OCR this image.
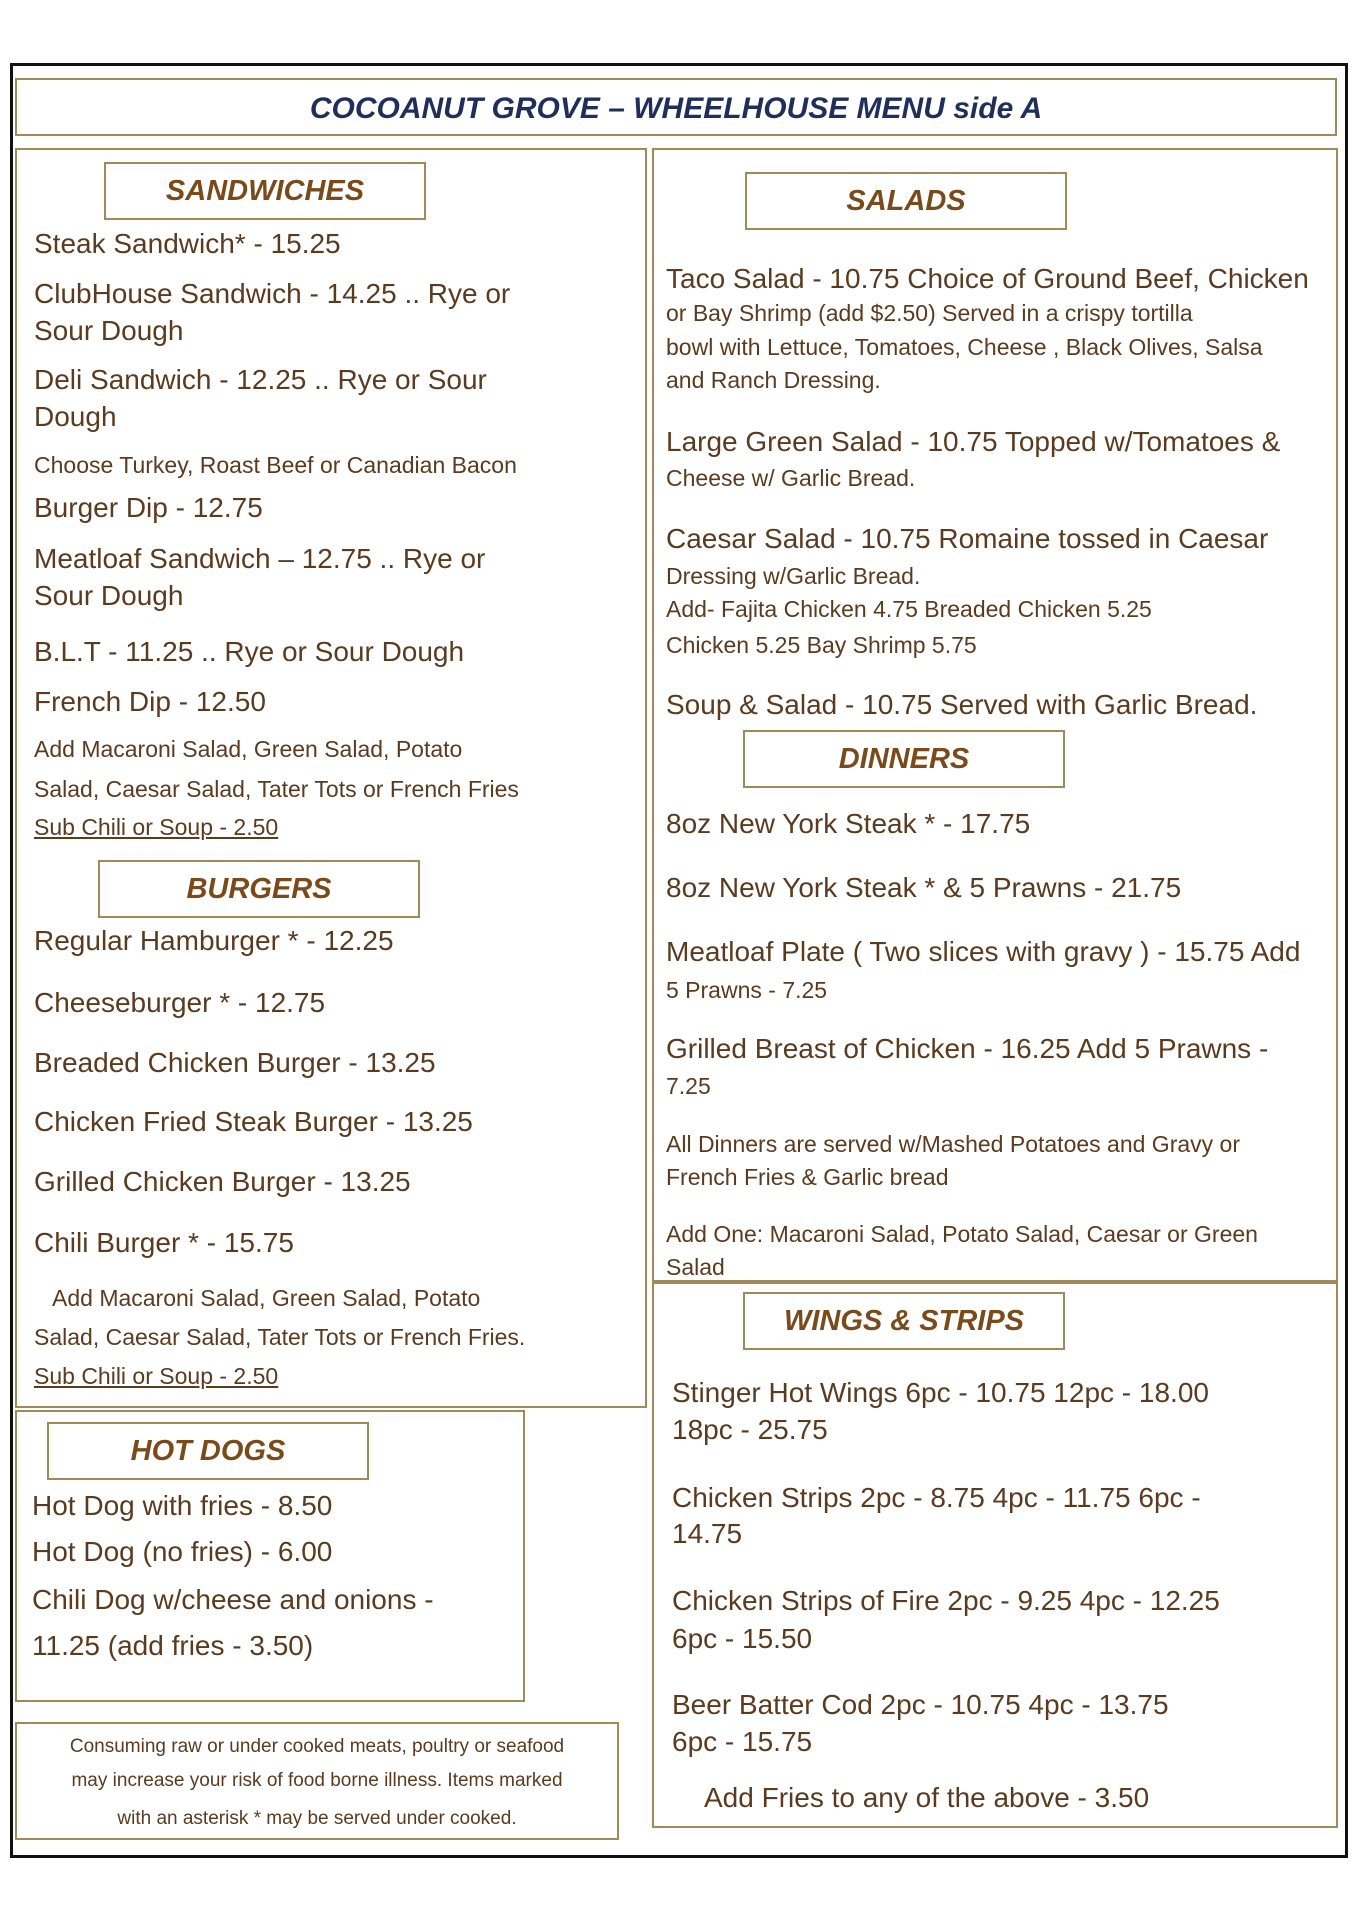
COCOANUT GROVE – WHEELHOUSE MENU side A
SANDWICHES
Steak Sandwich* - 15.25
ClubHouse Sandwich - 14.25 .. Rye or
Sour Dough
Deli Sandwich - 12.25 .. Rye or Sour
Dough
Choose Turkey, Roast Beef or Canadian Bacon
Burger Dip - 12.75
Meatloaf Sandwich – 12.75 .. Rye or
Sour Dough
B.L.T - 11.25 .. Rye or Sour Dough
French Dip - 12.50
Add Macaroni Salad, Green Salad, Potato
Salad, Caesar Salad, Tater Tots or French Fries
Sub Chili or Soup - 2.50
BURGERS
Regular Hamburger * - 12.25
Cheeseburger * - 12.75
Breaded Chicken Burger - 13.25
Chicken Fried Steak Burger - 13.25
Grilled Chicken Burger - 13.25
Chili Burger * - 15.75
Add Macaroni Salad, Green Salad, Potato
Salad, Caesar Salad, Tater Tots or French Fries.
Sub Chili or Soup - 2.50
HOT DOGS
Hot Dog with fries - 8.50
Hot Dog (no fries) - 6.00
Chili Dog w/cheese and onions -
11.25 (add fries - 3.50)
Consuming raw or under cooked meats, poultry or seafood
may increase your risk of food borne illness. Items marked
with an asterisk * may be served under cooked.
SALADS
Taco Salad - 10.75 Choice of Ground Beef, Chicken
or Bay Shrimp (add $2.50) Served in a crispy tortilla
bowl with Lettuce, Tomatoes, Cheese , Black Olives, Salsa
and Ranch Dressing.
Large Green Salad - 10.75 Topped w/Tomatoes &
Cheese w/ Garlic Bread.
Caesar Salad - 10.75 Romaine tossed in Caesar
Dressing w/Garlic Bread.
Add- Fajita Chicken 4.75 Breaded Chicken 5.25
Chicken 5.25 Bay Shrimp 5.75
Soup & Salad - 10.75 Served with Garlic Bread.
DINNERS
8oz New York Steak * - 17.75
8oz New York Steak * & 5 Prawns - 21.75
Meatloaf Plate ( Two slices with gravy ) - 15.75 Add
5 Prawns - 7.25
Grilled Breast of Chicken - 16.25 Add 5 Prawns -
7.25
All Dinners are served w/Mashed Potatoes and Gravy or
French Fries & Garlic bread
Add One: Macaroni Salad, Potato Salad, Caesar or Green
Salad
WINGS & STRIPS
Stinger Hot Wings 6pc - 10.75 12pc - 18.00
18pc - 25.75
Chicken Strips 2pc - 8.75 4pc - 11.75 6pc -
14.75
Chicken Strips of Fire 2pc - 9.25 4pc - 12.25
6pc - 15.50
Beer Batter Cod 2pc - 10.75 4pc - 13.75
6pc - 15.75
Add Fries to any of the above - 3.50
